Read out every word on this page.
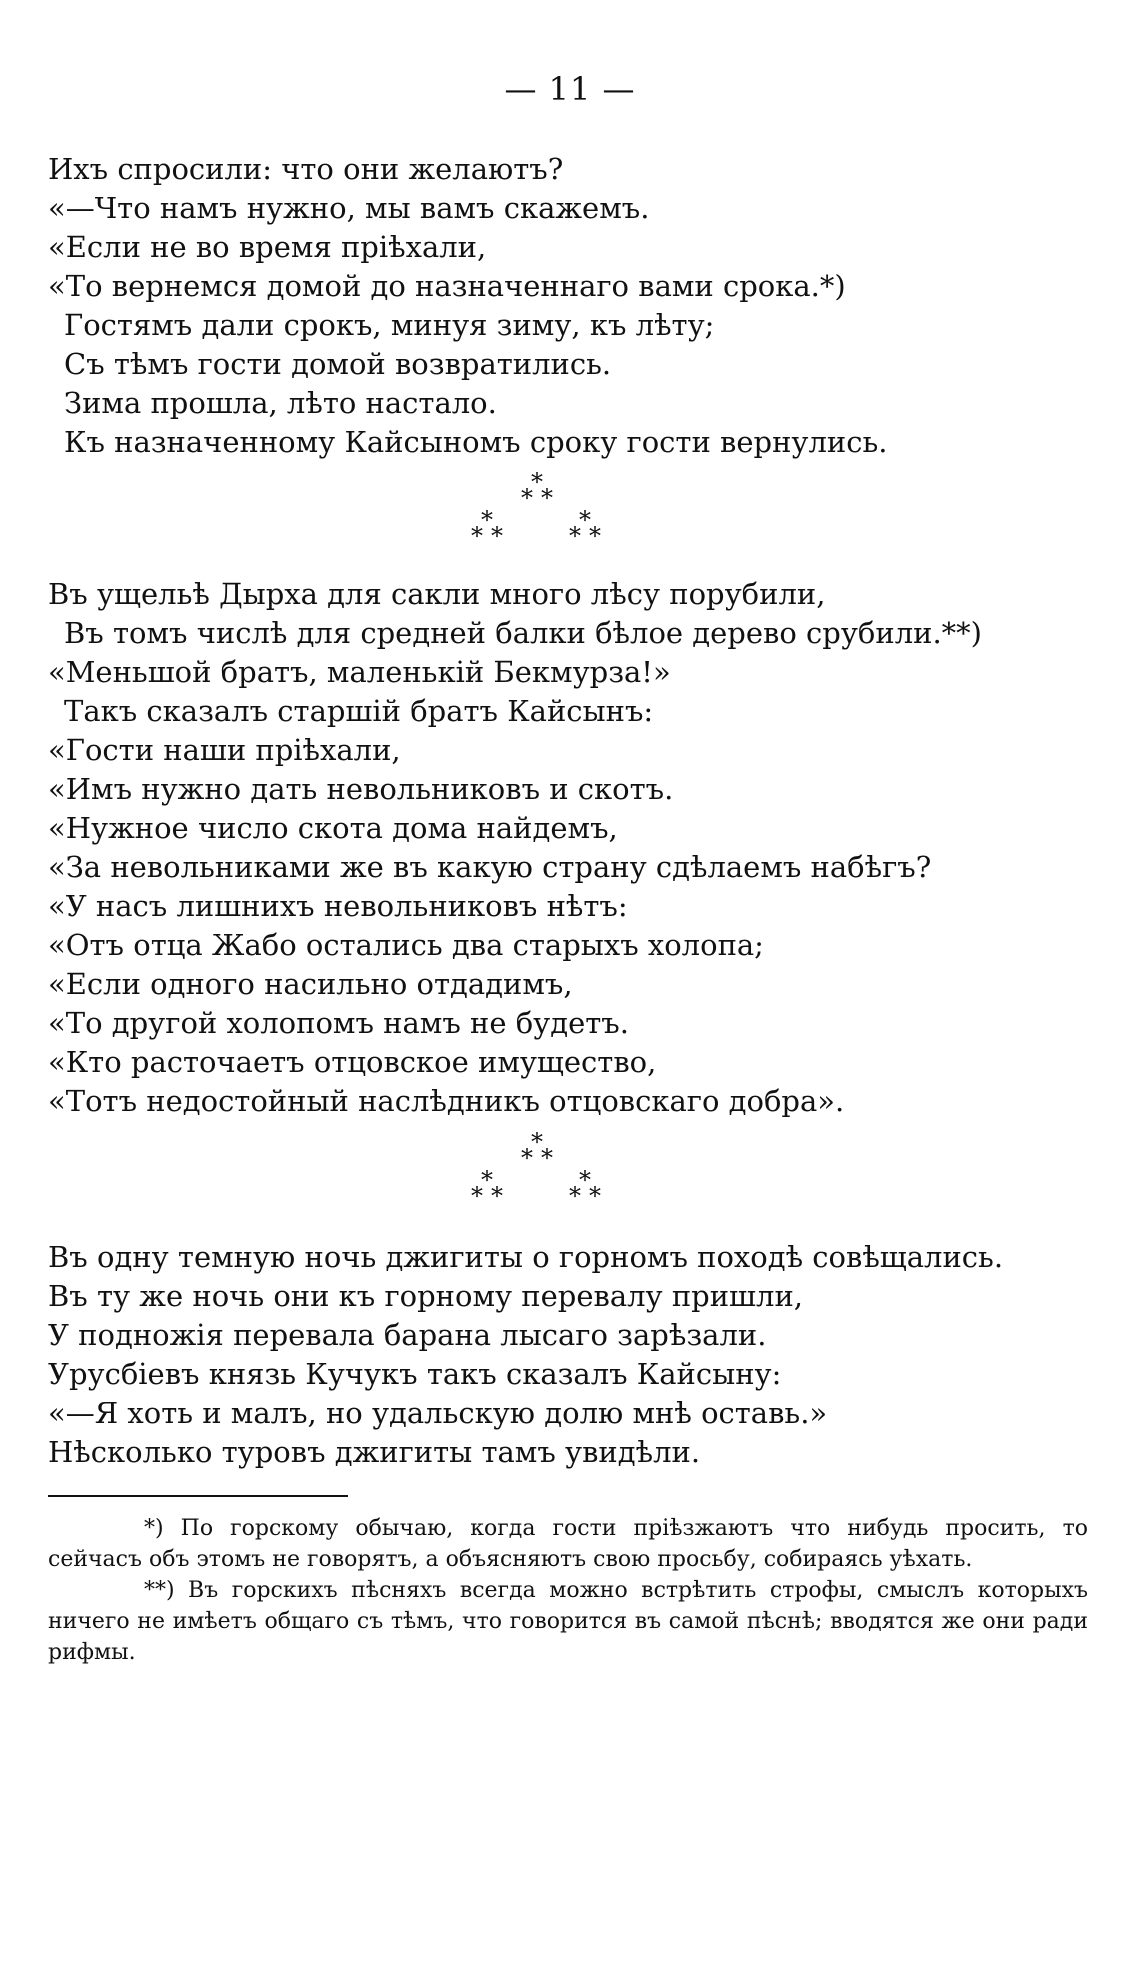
— 11 —
Ихъ спросили: что они желаютъ?
«—Что намъ нужно, мы вамъ скажемъ.
«Если не во время пріѣхали,
«То вернемся домой до назначеннаго вами срока.*)
Гостямъ дали срокъ, минуя зиму, къ лѣту;
Съ тѣмъ гости домой возвратились.
Зима прошла, лѣто настало.
Къ назначенному Кайсыномъ сроку гости вернулись.
*
* *
*
* *
*
* *
Въ ущельѣ Дырха для сакли много лѣсу порубили,
Въ томъ числѣ для средней балки бѣлое дерево срубили.**)
«Меньшой братъ, маленькій Бекмурза!»
Такъ сказалъ старшій братъ Кайсынъ:
«Гости наши пріѣхали,
«Имъ нужно дать невольниковъ и скотъ.
«Нужное число скота дома найдемъ,
«За невольниками же въ какую страну сдѣлаемъ набѣгъ?
«У насъ лишнихъ невольниковъ нѣтъ:
«Отъ отца Жабо остались два старыхъ холопа;
«Если одного насильно отдадимъ,
«То другой холопомъ намъ не будетъ.
«Кто расточаетъ отцовское имущество,
«Тотъ недостойный наслѣдникъ отцовскаго добра».
*
* *
*
* *
*
* *
Въ одну темную ночь джигиты о горномъ походѣ совѣщались.
Въ ту же ночь они къ горному перевалу пришли,
У подножія перевала барана лысаго зарѣзали.
Урусбіевъ князь Кучукъ такъ сказалъ Кайсыну:
«—Я хоть и малъ, но удальскую долю мнѣ оставь.»
Нѣсколько туровъ джигиты тамъ увидѣли.

*) По горскому обычаю, когда гости пріѣзжаютъ что нибудь просить, то сейчасъ объ этомъ не говорятъ, а объясняютъ свою просьбу, собираясь уѣхать.

**) Въ горскихъ пѣсняхъ всегда можно встрѣтить строфы, смыслъ которыхъ ничего не имѣетъ общаго съ тѣмъ, что говорится въ самой пѣснѣ; вводятся же они ради рифмы.
